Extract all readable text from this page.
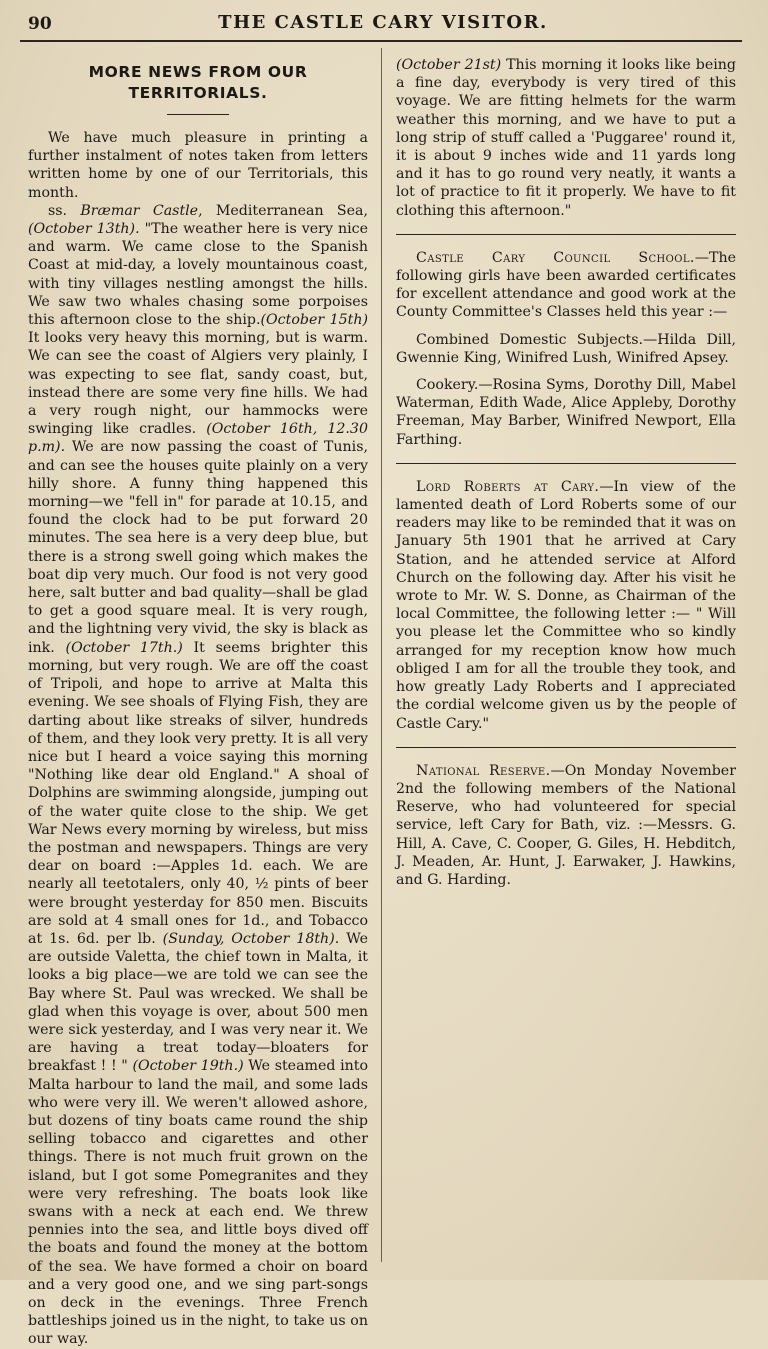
90	THE CASTLE CARY VISITOR.
MORE NEWS FROM OUR TERRITORIALS.

We have much pleasure in printing a further instalment of notes taken from letters written home by one of our Territorials, this month.

ss. Bræmar Castle, Mediterranean Sea, (October 13th). "The weather here is very nice and warm. We came close to the Spanish Coast at mid-day, a lovely mountainous coast, with tiny villages nestling amongst the hills. We saw two whales chasing some porpoises this afternoon close to the ship.(October 15th) It looks very heavy this morning, but is warm. We can see the coast of Algiers very plainly, I was expecting to see flat, sandy coast, but, instead there are some very fine hills. We had a very rough night, our hammocks were swinging like cradles. (October 16th, 12.30 p.m). We are now passing the coast of Tunis, and can see the houses quite plainly on a very hilly shore. A funny thing happened this morning—we "fell in" for parade at 10.15, and found the clock had to be put forward 20 minutes. The sea here is a very deep blue, but there is a strong swell going which makes the boat dip very much. Our food is not very good here, salt butter and bad quality—shall be glad to get a good square meal. It is very rough, and the lightning very vivid, the sky is black as ink. (October 17th.) It seems brighter this morning, but very rough. We are off the coast of Tripoli, and hope to arrive at Malta this evening. We see shoals of Flying Fish, they are darting about like streaks of silver, hundreds of them, and they look very pretty. It is all very nice but I heard a voice saying this morning "Nothing like dear old England." A shoal of Dolphins are swimming alongside, jumping out of the water quite close to the ship. We get War News every morning by wireless, but miss the postman and newspapers. Things are very dear on board :—Apples 1d. each. We are nearly all teetotalers, only 40, ½ pints of beer were brought yesterday for 850 men. Biscuits are sold at 4 small ones for 1d., and Tobacco at 1s. 6d. per lb. (Sunday, October 18th). We are outside Valetta, the chief town in Malta, it looks a big place—we are told we can see the Bay where St. Paul was wrecked. We shall be glad when this voyage is over, about 500 men were sick yesterday, and I was very near it. We are having a treat today—bloaters for breakfast ! ! " (October 19th.) We steamed into Malta harbour to land the mail, and some lads who were very ill. We weren't allowed ashore, but dozens of tiny boats came round the ship selling tobacco and cigarettes and other things. There is not much fruit grown on the island, but I got some Pomegranites and they were very refreshing. The boats look like swans with a neck at each end. We threw pennies into the sea, and little boys dived off the boats and found the money at the bottom of the sea. We have formed a choir on board and a very good one, and we sing part-songs on deck in the evenings. Three French battleships joined us in the night, to take us on our way.

(October 21st) This morning it looks like being a fine day, everybody is very tired of this voyage. We are fitting helmets for the warm weather this morning, and we have to put a long strip of stuff called a 'Puggaree' round it, it is about 9 inches wide and 11 yards long and it has to go round very neatly, it wants a lot of practice to fit it properly. We have to fit clothing this afternoon."

Castle Cary Council School.—The following girls have been awarded certificates for excellent attendance and good work at the County Committee's Classes held this year :—

Combined Domestic Subjects.—Hilda Dill, Gwennie King, Winifred Lush, Winifred Apsey.

Cookery.—Rosina Syms, Dorothy Dill, Mabel Waterman, Edith Wade, Alice Appleby, Dorothy Freeman, May Barber, Winifred Newport, Ella Farthing.

Lord Roberts at Cary.—In view of the lamented death of Lord Roberts some of our readers may like to be reminded that it was on January 5th 1901 that he arrived at Cary Station, and he attended service at Alford Church on the following day. After his visit he wrote to Mr. W. S. Donne, as Chairman of the local Committee, the following letter :— " Will you please let the Committee who so kindly arranged for my reception know how much obliged I am for all the trouble they took, and how greatly Lady Roberts and I appreciated the cordial welcome given us by the people of Castle Cary."

National Reserve.—On Monday November 2nd the following members of the National Reserve, who had volunteered for special service, left Cary for Bath, viz. :—Messrs. G. Hill, A. Cave, C. Cooper, G. Giles, H. Hebditch, J. Meaden, Ar. Hunt, J. Earwaker, J. Hawkins, and G. Harding.
